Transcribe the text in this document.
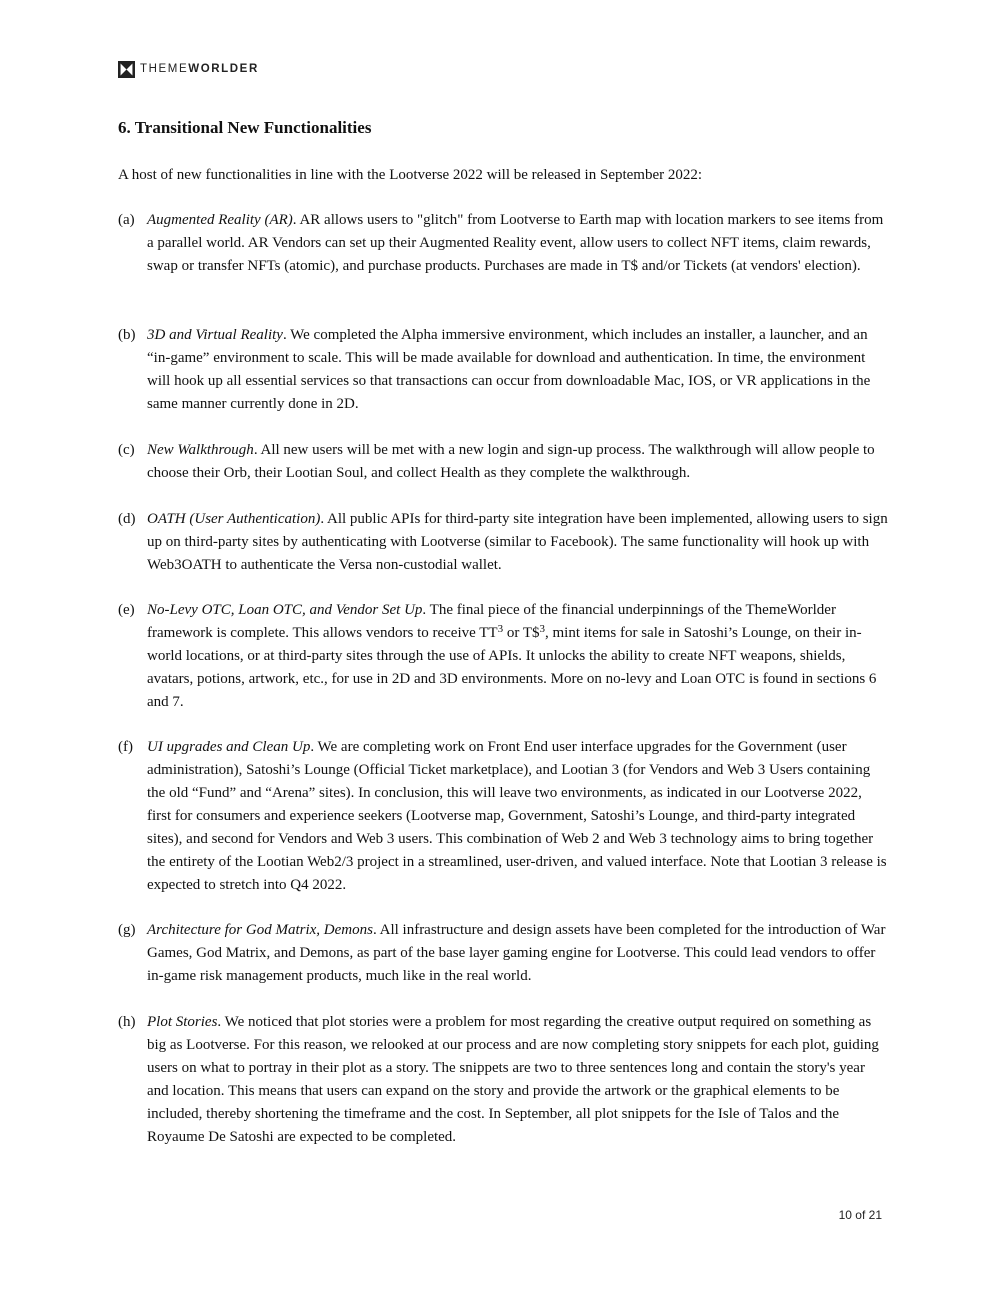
THEMEWORLDER
6. Transitional New Functionalities

A host of new functionalities in line with the Lootverse 2022 will be released in September 2022:

(a) Augmented Reality (AR). AR allows users to "glitch" from Lootverse to Earth map with location markers to see items from a parallel world. AR Vendors can set up their Augmented Reality event, allow users to collect NFT items, claim rewards, swap or transfer NFTs (atomic), and purchase products. Purchases are made in T$ and/or Tickets (at vendors' election).
(b) 3D and Virtual Reality. We completed the Alpha immersive environment, which includes an installer, a launcher, and an “in-game” environment to scale. This will be made available for download and authentication. In time, the environment will hook up all essential services so that transactions can occur from downloadable Mac, IOS, or VR applications in the same manner currently done in 2D.
(c) New Walkthrough. All new users will be met with a new login and sign-up process. The walkthrough will allow people to choose their Orb, their Lootian Soul, and collect Health as they complete the walkthrough.
(d) OATH (User Authentication). All public APIs for third-party site integration have been implemented, allowing users to sign up on third-party sites by authenticating with Lootverse (similar to Facebook). The same functionality will hook up with Web3OATH to authenticate the Versa non-custodial wallet.
(e) No-Levy OTC, Loan OTC, and Vendor Set Up. The final piece of the financial underpinnings of the ThemeWorlder framework is complete. This allows vendors to receive $TT^3$ or T\$$^3$, mint items for sale in Satoshi’s Lounge, on their in-world locations, or at third-party sites through the use of APIs. It unlocks the ability to create NFT weapons, shields, avatars, potions, artwork, etc., for use in 2D and 3D environments. More on no-levy and Loan OTC is found in sections 6 and 7.
(f) UI upgrades and Clean Up. We are completing work on Front End user interface upgrades for the Government (user administration), Satoshi’s Lounge (Official Ticket marketplace), and Lootian 3 (for Vendors and Web 3 Users containing the old “Fund” and “Arena” sites). In conclusion, this will leave two environments, as indicated in our Lootverse 2022, first for consumers and experience seekers (Lootverse map, Government, Satoshi’s Lounge, and third-party integrated sites), and second for Vendors and Web 3 users. This combination of Web 2 and Web 3 technology aims to bring together the entirety of the Lootian Web2/3 project in a streamlined, user-driven, and valued interface. Note that Lootian 3 release is expected to stretch into Q4 2022.
(g) Architecture for God Matrix, Demons. All infrastructure and design assets have been completed for the introduction of War Games, God Matrix, and Demons, as part of the base layer gaming engine for Lootverse. This could lead vendors to offer in-game risk management products, much like in the real world.
(h) Plot Stories. We noticed that plot stories were a problem for most regarding the creative output required on something as big as Lootverse. For this reason, we relooked at our process and are now completing story snippets for each plot, guiding users on what to portray in their plot as a story. The snippets are two to three sentences long and contain the story's year and location. This means that users can expand on the story and provide the artwork or the graphical elements to be included, thereby shortening the timeframe and the cost. In September, all plot snippets for the Isle of Talos and the Royaume De Satoshi are expected to be completed.
10 of 21
